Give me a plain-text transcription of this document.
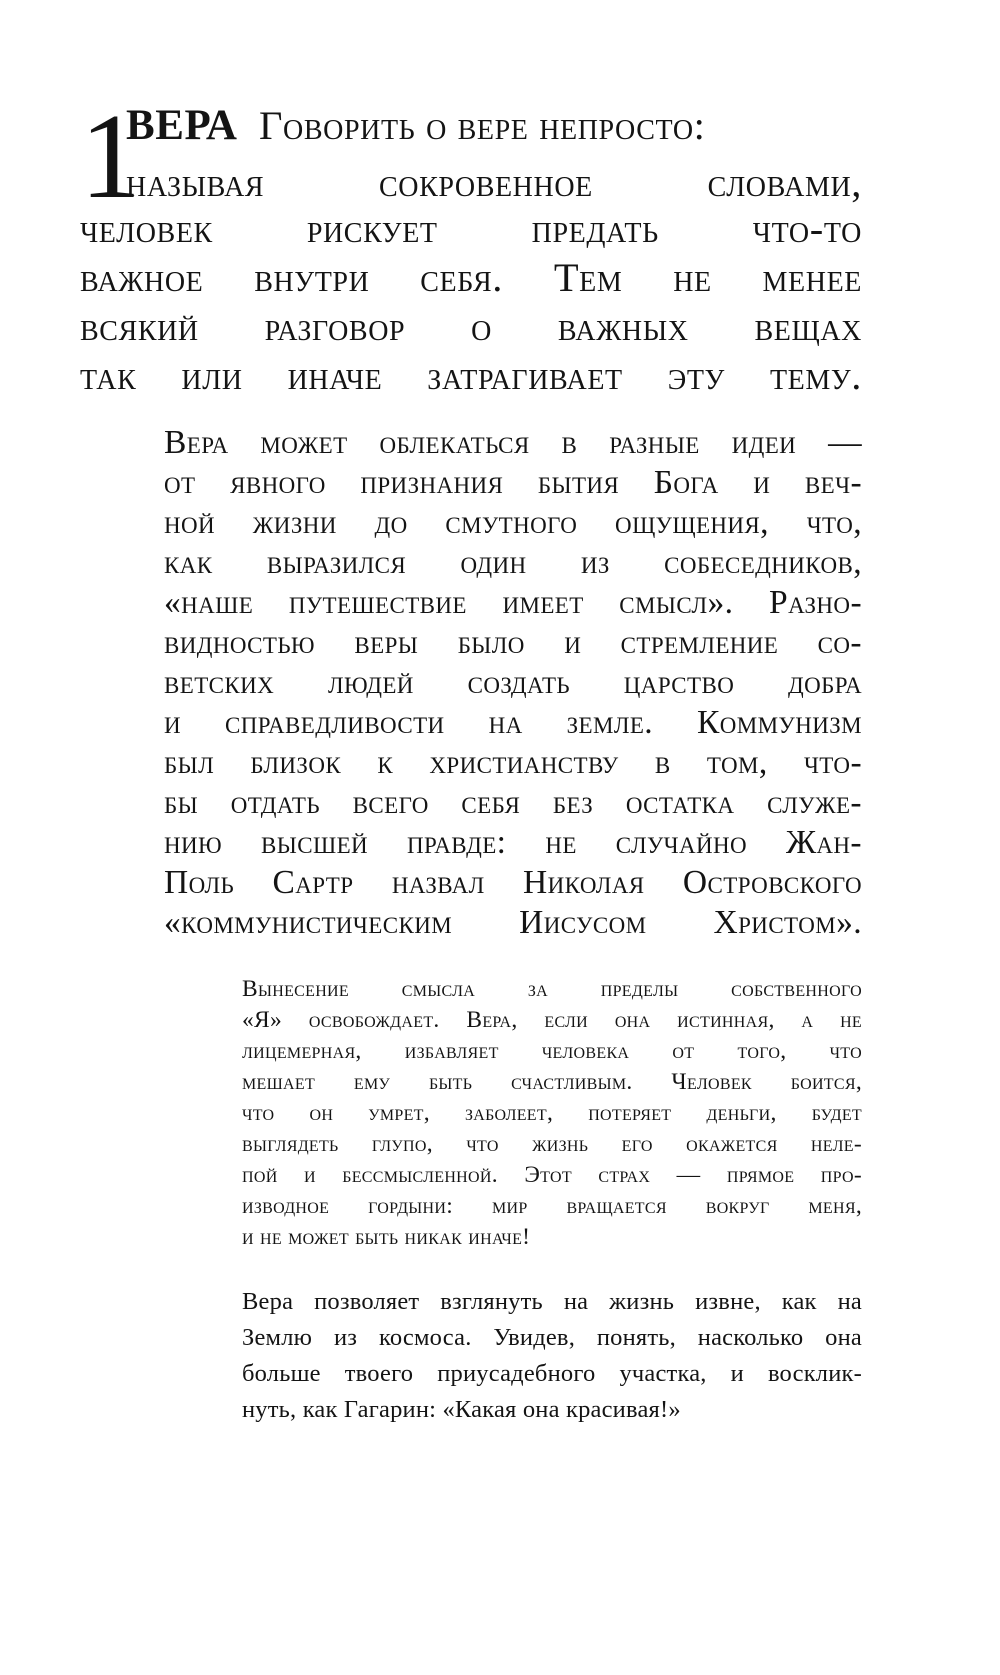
1
ВЕРА Говорить о вере непросто:
называя сокровенное словами,
человек рискует предать что-то
важное внутри себя. Тем не менее
всякий разговор о важных вещах
так или иначе затрагивает эту тему.
Вера может облекаться в разные идеи —
от явного признания бытия Бога и веч-
ной жизни до смутного ощущения, что,
как выразился один из собеседников,
«наше путешествие имеет смысл». Разно-
видностью веры было и стремление со-
ветских людей создать царство добра
и справедливости на земле. Коммунизм
был близок к христианству в том, что-
бы отдать всего себя без остатка служе-
нию высшей правде: не случайно Жан-
Поль Сартр назвал Николая Островского
«коммунистическим Иисусом Христом».
Вынесение смысла за пределы собственного
«Я» освобождает. Вера, если она истинная, а не
лицемерная, избавляет человека от того, что
мешает ему быть счастливым. Человек боится,
что он умрет, заболеет, потеряет деньги, будет
выглядеть глупо, что жизнь его окажется неле-
пой и бессмысленной. Этот страх — прямое про-
изводное гордыни: мир вращается вокруг меня,
и не может быть никак иначе!
Вера позволяет взглянуть на жизнь извне, как на
Землю из космоса. Увидев, понять, насколько она
больше твоего приусадебного участка, и восклик-
нуть, как Гагарин: «Какая она красивая!»
